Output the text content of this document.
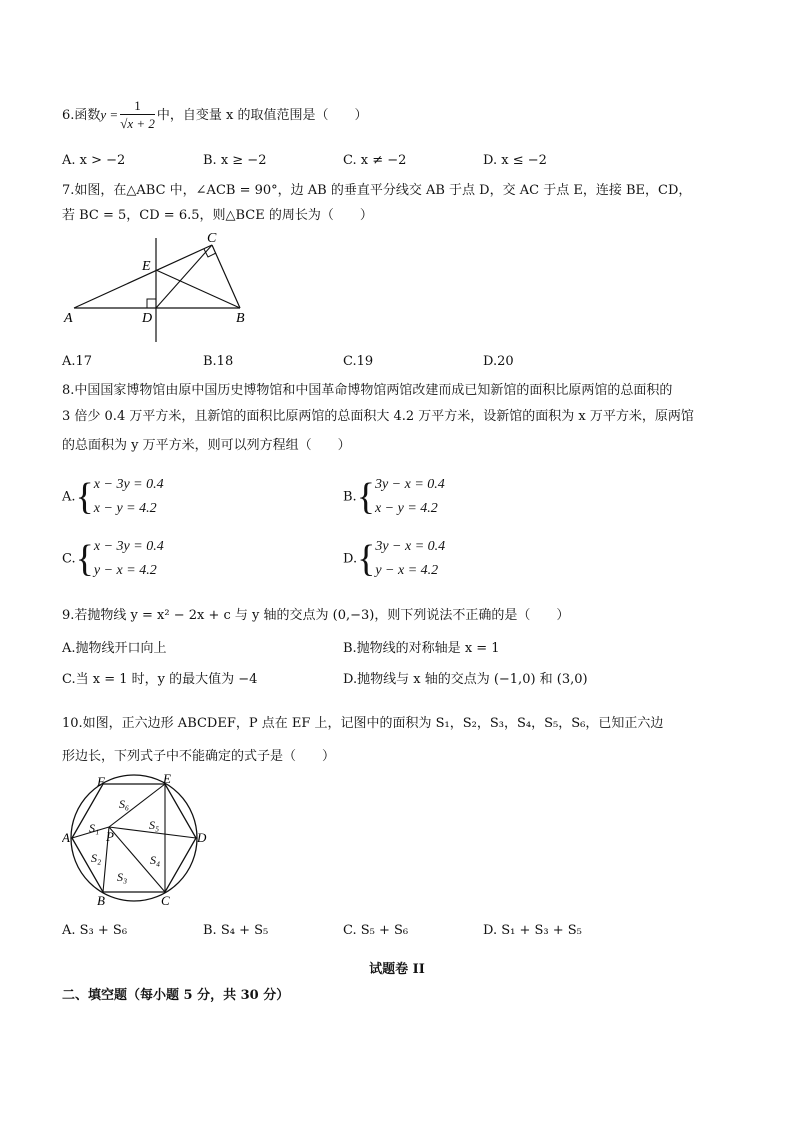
6.函数$y = \frac{1}{√x + 2}$ 中，自变量 x 的取值范围是（　　）
A. x > −2	B. x ≥ −2	C. x ≠ −2	D. x ≤ −2
7.如图，在△ABC 中，∠ACB = 90°，边 AB 的垂直平分线交 AB 于点 D，交 AC 于点 E，连接 BE，CD，
若 BC = 5，CD = 6.5，则△BCE 的周长为（　　）
A	D	B
C
E
A.17	B.18	C.19	D.20
8.中国国家博物馆由原中国历史博物馆和中国革命博物馆两馆改建而成已知新馆的面积比原两馆的总面积的
3 倍少 0.4 万平方米，且新馆的面积比原两馆的总面积大 4.2 万平方米，设新馆的面积为 x 万平方米，原两馆
的总面积为 y 万平方米，则可以列方程组（　　）
A.{ x − 3y = 0.4
x − y = 4.2
B.{ 3y − x = 0.4
x − y = 4.2
C.{ x − 3y = 0.4
y − x = 4.2
D.{ 3y − x = 0.4
y − x = 4.2
9.若抛物线 y = x² − 2x + c 与 y 轴的交点为 (0,−3)，则下列说法不正确的是（　　）
A.抛物线开口向上	B.抛物线的对称轴是 x = 1
C.当 x = 1 时，y 的最大值为 −4	D.抛物线与 x 轴的交点为 (−1,0) 和 (3,0)
10.如图，正六边形 ABCDEF，P 点在 EF 上，记图中的面积为 S₁，S₂，S₃，S₄，S₅，S₆，已知正六边
形边长，下列式子中不能确定的式子是（　　）
A
B	C
D
E
F
P
S₆
S₁	S₅
S₂	S₄
S₃
A. S₃ + S₆	B. S₄ + S₅	C. S₅ + S₆	D. S₁ + S₃ + S₅
试题卷 II
二、填空题（每小题 5 分，共 30 分）
